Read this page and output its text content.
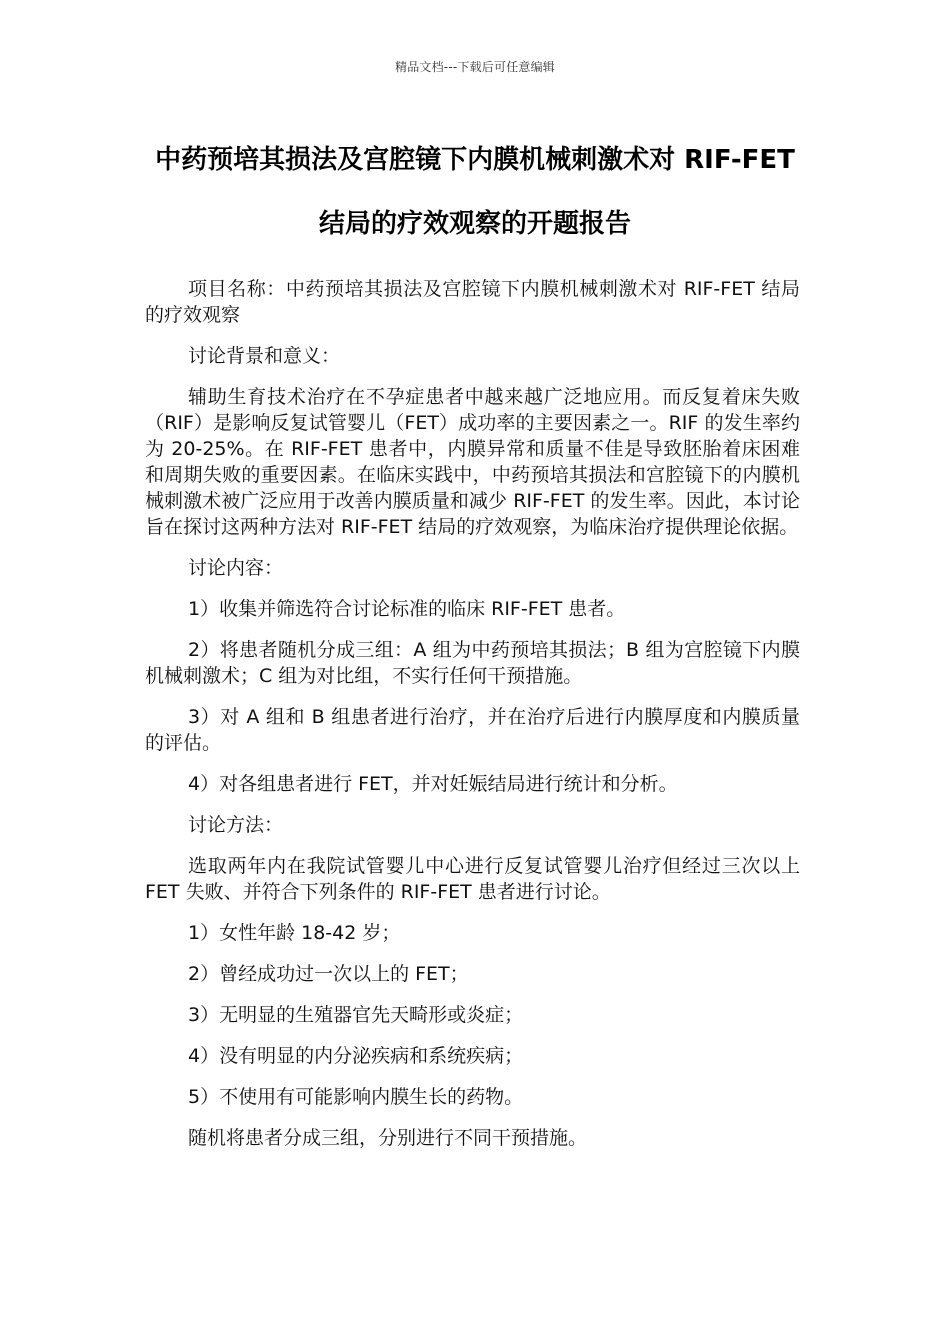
精品文档---下载后可任意编辑
中药预培其损法及宫腔镜下内膜机械刺激术对 RIF-FET 结局的疗效观察的开题报告

项目名称：中药预培其损法及宫腔镜下内膜机械刺激术对 RIF-FET 结局的疗效观察

讨论背景和意义：

辅助生育技术治疗在不孕症患者中越来越广泛地应用。而反复着床失败（RIF）是影响反复试管婴儿（FET）成功率的主要因素之一。RIF 的发生率约为 20-25%。在 RIF-FET 患者中，内膜异常和质量不佳是导致胚胎着床困难和周期失败的重要因素。在临床实践中，中药预培其损法和宫腔镜下的内膜机械刺激术被广泛应用于改善内膜质量和减少 RIF-FET 的发生率。因此，本讨论旨在探讨这两种方法对 RIF-FET 结局的疗效观察，为临床治疗提供理论依据。

讨论内容：

1）收集并筛选符合讨论标准的临床 RIF-FET 患者。

2）将患者随机分成三组：A 组为中药预培其损法；B 组为宫腔镜下内膜机械刺激术；C 组为对比组，不实行任何干预措施。

3）对 A 组和 B 组患者进行治疗，并在治疗后进行内膜厚度和内膜质量的评估。

4）对各组患者进行 FET，并对妊娠结局进行统计和分析。

讨论方法：

选取两年内在我院试管婴儿中心进行反复试管婴儿治疗但经过三次以上 FET 失败、并符合下列条件的 RIF-FET 患者进行讨论。

1）女性年龄 18-42 岁；

2）曾经成功过一次以上的 FET；

3）无明显的生殖器官先天畸形或炎症；

4）没有明显的内分泌疾病和系统疾病；

5）不使用有可能影响内膜生长的药物。

随机将患者分成三组，分别进行不同干预措施。
